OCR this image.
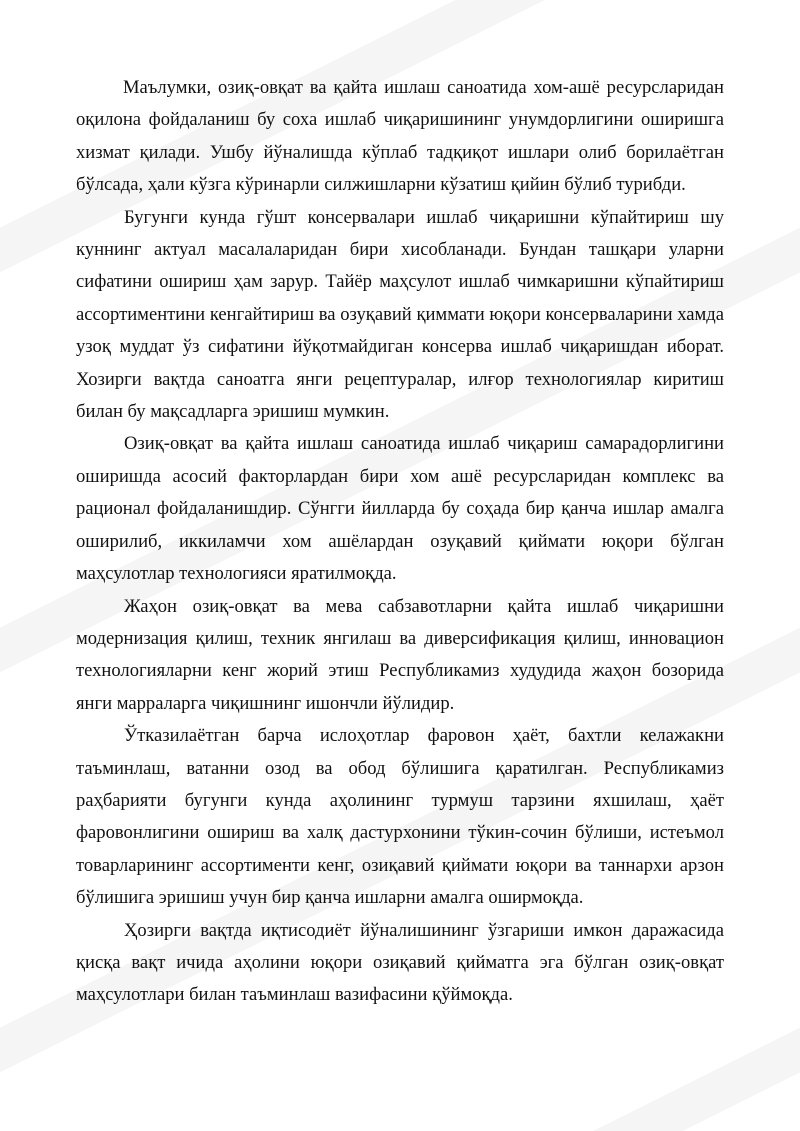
Маълумки, озиқ-овқат ва қайта ишлаш саноатида хом-ашё ресурсларидан оқилона фойдаланиш бу соха ишлаб чиқаришининг унумдорлигини оширишга хизмат қилади. Ушбу йўналишда кўплаб тадқиқот ишлари олиб борилаётган бўлсада, ҳали кўзга кўринарли силжишларни кўзатиш қийин бўлиб турибди.

Бугунги кунда гўшт консервалари ишлаб чиқаришни кўпайтириш шу куннинг актуал масалаларидан бири хисобланади. Бундан ташқари уларни сифатини ошириш ҳам зарур. Тайёр маҳсулот ишлаб чимкаришни кўпайтириш ассортиментини кенгайтириш ва озуқавий қиммати юқори консерваларини хамда узоқ муддат ўз сифатини йўқотмайдиган консерва ишлаб чиқаришдан иборат. Хозирги вақтда саноатга янги рецептуралар, илғор технологиялар киритиш билан бу мақсадларга эришиш мумкин.

Озиқ-овқат ва қайта ишлаш саноатида ишлаб чиқариш самарадорлигини оширишда асосий факторлардан бири хом ашё ресурсларидан комплекс ва рационал фойдаланишдир. Сўнгги йилларда бу соҳада бир қанча ишлар амалга оширилиб, иккиламчи хом ашёлардан озуқавий қиймати юқори бўлган маҳсулотлар технологияси яратилмоқда.

Жаҳон озиқ-овқат ва мева сабзавотларни қайта ишлаб чиқаришни модернизация қилиш, техник янгилаш ва диверсификация қилиш, инновацион технологияларни кенг жорий этиш Республикамиз худудида жаҳон бозорида янги марраларга чиқишнинг ишончли йўлидир.

Ўтказилаётган барча ислоҳотлар фаровон ҳаёт, бахтли келажакни таъминлаш, ватанни озод ва обод бўлишига қаратилган. Республикамиз раҳбарияти бугунги кунда аҳолининг турмуш тарзини яхшилаш, ҳаёт фаровонлигини ошириш ва халқ дастурхонини тўкин-сочин бўлиши, истеъмол товарларининг ассортименти кенг, озиқавий қиймати юқори ва таннархи арзон бўлишига эришиш учун бир қанча ишларни амалга оширмоқда.

Ҳозирги вақтда иқтисодиёт йўналишининг ўзгариши имкон даражасида қисқа вақт ичида аҳолини юқори озиқавий қийматга эга бўлган озиқ-овқат маҳсулотлари билан таъминлаш вазифасини қўймоқда.
